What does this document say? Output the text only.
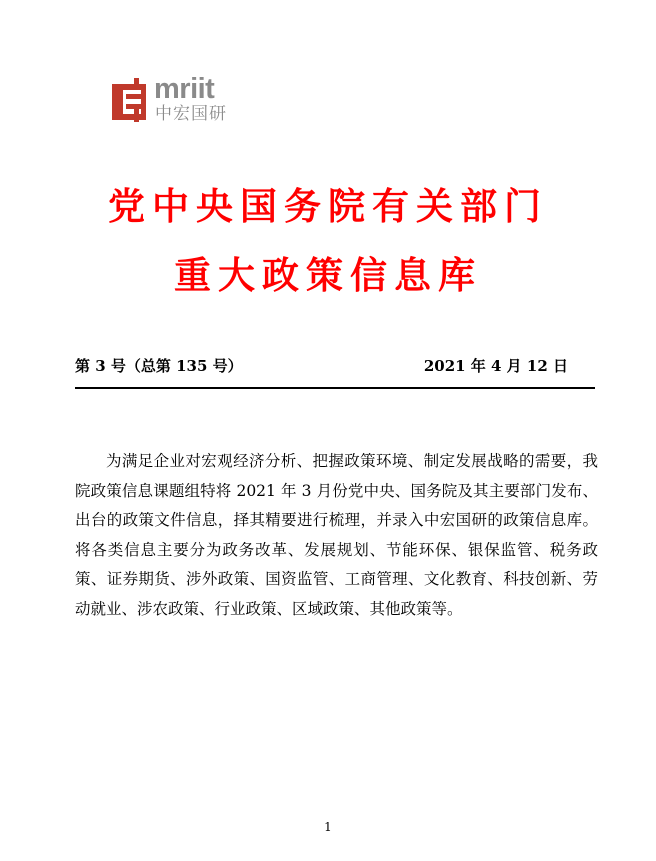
mriit
中宏国研
党中央国务院有关部门
重大政策信息库
第 3 号（总第 135 号）	2021 年 4 月 12 日

为满足企业对宏观经济分析、把握政策环境、制定发展战略的需要，我院政策信息课题组特将 2021 年 3 月份党中央、国务院及其主要部门发布、出台的政策文件信息，择其精要进行梳理，并录入中宏国研的政策信息库。将各类信息主要分为政务改革、发展规划、节能环保、银保监管、税务政策、证券期货、涉外政策、国资监管、工商管理、文化教育、科技创新、劳动就业、涉农政策、行业政策、区域政策、其他政策等。

1
